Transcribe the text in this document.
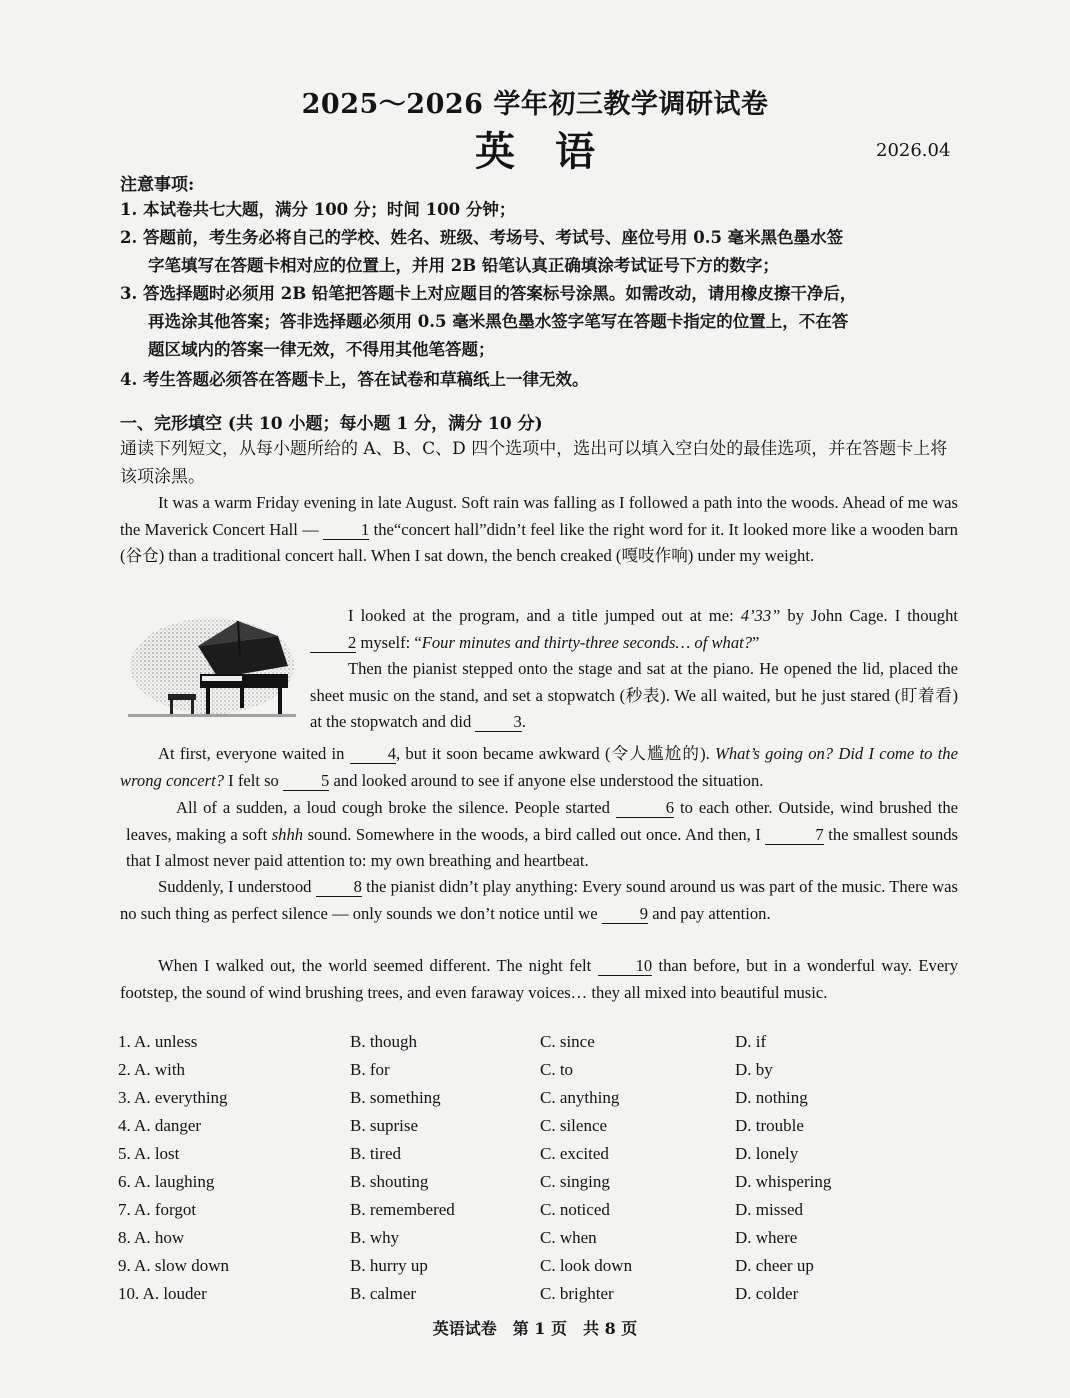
2025～2026 学年初三教学调研试卷
英语	2026.04
注意事项:
1. 本试卷共七大题，满分 100 分；时间 100 分钟；
2. 答题前，考生务必将自己的学校、姓名、班级、考场号、考试号、座位号用 0.5 毫米黑色墨水签
字笔填写在答题卡相对应的位置上，并用 2B 铅笔认真正确填涂考试证号下方的数字；
3. 答选择题时必须用 2B 铅笔把答题卡上对应题目的答案标号涂黑。如需改动，请用橡皮擦干净后，
再选涂其他答案；答非选择题必须用 0.5 毫米黑色墨水签字笔写在答题卡指定的位置上，不在答
题区域内的答案一律无效，不得用其他笔答题；
4. 考生答题必须答在答题卡上，答在试卷和草稿纸上一律无效。
一、完形填空 (共 10 小题；每小题 1 分，满分 10 分)
通读下列短文，从每小题所给的 A、B、C、D 四个选项中，选出可以填入空白处的最佳选项，并在答题卡上将该项涂黑。
It was a warm Friday evening in late August. Soft rain was falling as I followed a path into the woods. Ahead of me was the Maverick Concert Hall — 1 the“concert hall”didn’t feel like the right word for it. It looked more like a wooden barn (谷仓) than a traditional concert hall. When I sat down, the bench creaked (嘎吱作响) under my weight.
I looked at the program, and a title jumped out at me: 4’33” by John Cage. I thought 2 myself: “Four minutes and thirty-three seconds… of what?”
Then the pianist stepped onto the stage and sat at the piano. He opened the lid, placed the sheet music on the stand, and set a stopwatch (秒表). We all waited, but he just stared (盯着看) at the stopwatch and did 3.
At first, everyone waited in 4, but it soon became awkward (令人尴尬的). What’s going on? Did I come to the wrong concert? I felt so 5 and looked around to see if anyone else understood the situation.
All of a sudden, a loud cough broke the silence. People started	6 to each other. Outside, wind brushed the leaves, making a soft shhh sound. Somewhere in the woods, a bird called out once. And then, I	7 the smallest sounds that I almost never paid attention to: my own breathing and heartbeat.
Suddenly, I understood 8 the pianist didn’t play anything: Every sound around us was part of the music. There was no such thing as perfect silence — only sounds we don’t notice until we 9 and pay attention.
When I walked out, the world seemed different. The night felt 10 than before, but in a wonderful way. Every footstep, the sound of wind brushing trees, and even faraway voices… they all mixed into beautiful music.
1. A. unless	B. though	C. since	D. if
2. A. with	B. for	C. to	D. by
3. A. everything	B. something	C. anything	D. nothing
4. A. danger	B. suprise	C. silence	D. trouble
5. A. lost	B. tired	C. excited	D. lonely
6. A. laughing	B. shouting	C. singing	D. whispering
7. A. forgot	B. remembered	C. noticed	D. missed
8. A. how	B. why	C. when	D. where
9. A. slow down	B. hurry up	C. look down	D. cheer up
10. A. louder	B. calmer	C. brighter	D. colder
英语试卷　第 1 页　共 8 页
